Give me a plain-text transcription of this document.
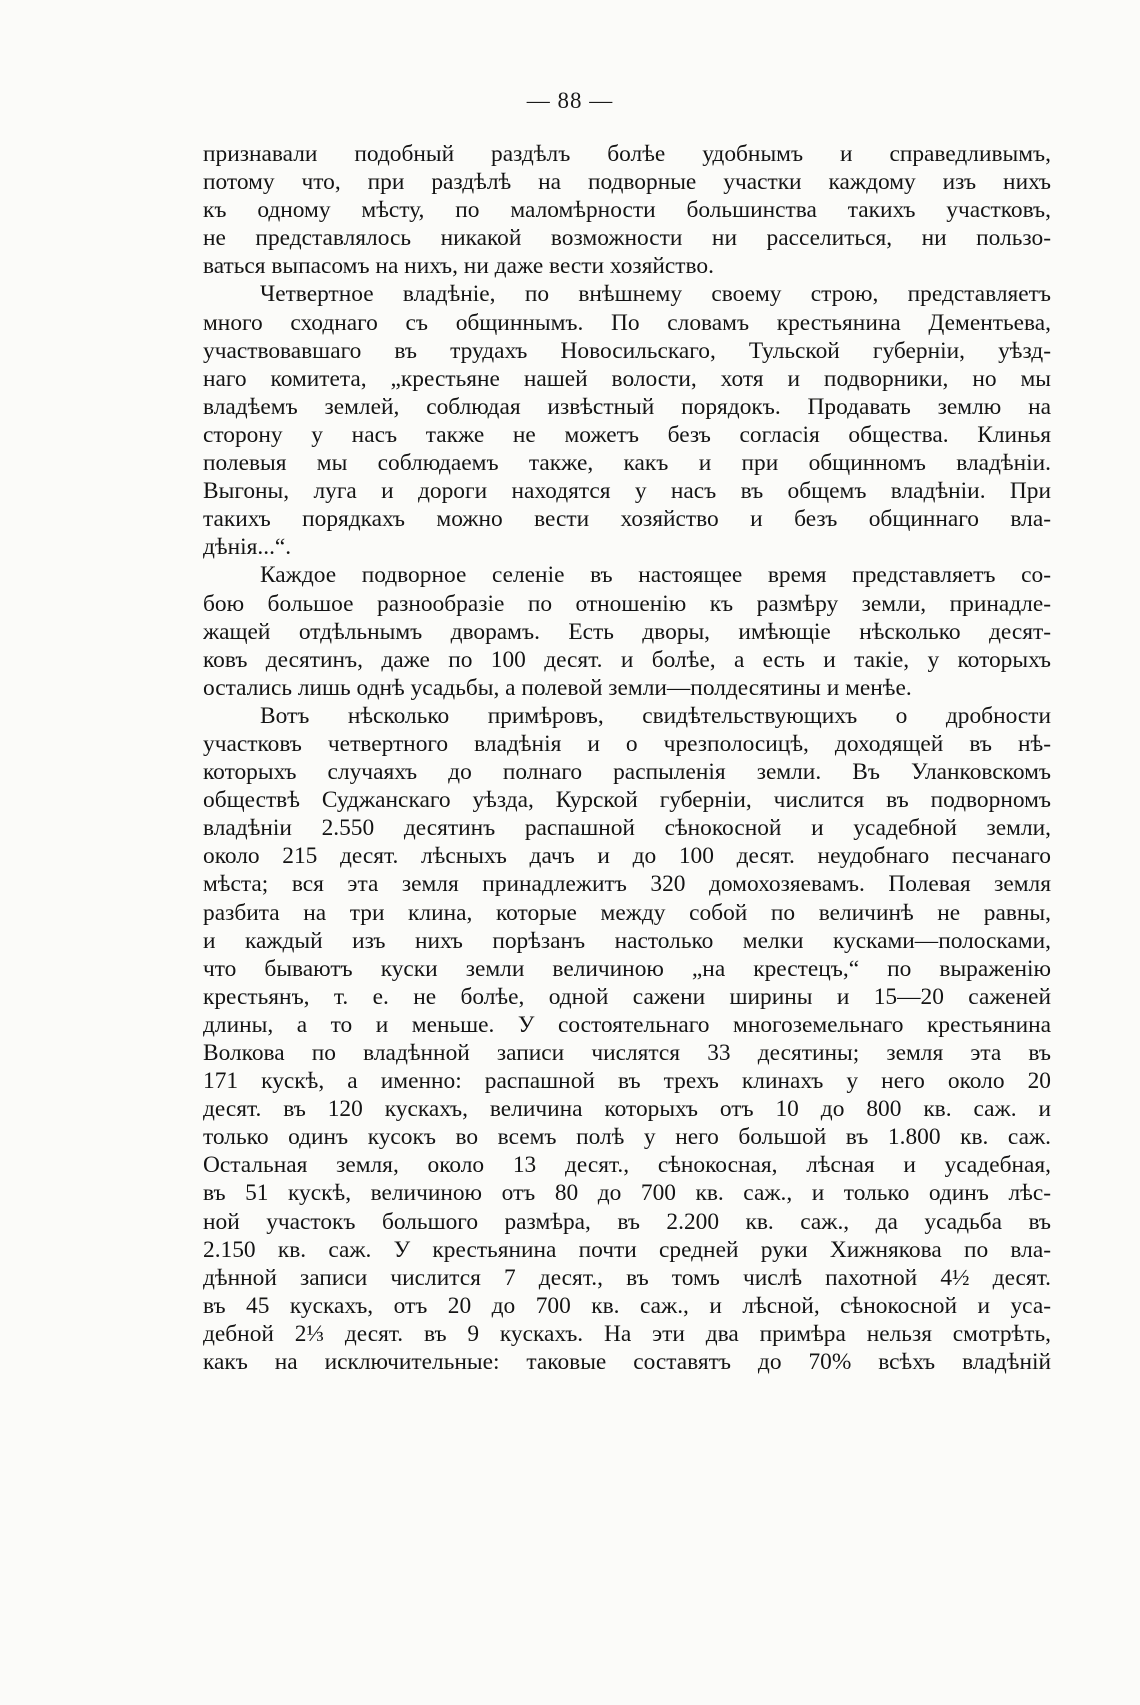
— 88 —
признавали подобный раздѣлъ болѣе удобнымъ и справедливымъ,
потому что, при раздѣлѣ на подворные участки каждому изъ нихъ
къ одному мѣсту, по маломѣрности большинства такихъ участковъ,
не представлялось никакой возможности ни расселиться, ни пользо-
ваться выпасомъ на нихъ, ни даже вести хозяйство.
Четвертное владѣніе, по внѣшнему своему строю, представляетъ
много сходнаго съ общиннымъ. По словамъ крестьянина Дементьева,
участвовавшаго въ трудахъ Новосильскаго, Тульской губерніи, уѣзд-
наго комитета, „крестьяне нашей волости, хотя и подворники, но мы
владѣемъ землей, соблюдая извѣстный порядокъ. Продавать землю на
сторону у насъ также не можетъ безъ согласія общества. Клинья
полевыя мы соблюдаемъ также, какъ и при общинномъ владѣніи.
Выгоны, луга и дороги находятся у насъ въ общемъ владѣніи. При
такихъ порядкахъ можно вести хозяйство и безъ общиннаго вла-
дѣнія...“.
Каждое подворное селеніе въ настоящее время представляетъ со-
бою большое разнообразіе по отношенію къ размѣру земли, принадле-
жащей отдѣльнымъ дворамъ. Есть дворы, имѣющіе нѣсколько десят-
ковъ десятинъ, даже по 100 десят. и болѣе, а есть и такіе, у которыхъ
остались лишь однѣ усадьбы, а полевой земли—полдесятины и менѣе.
Вотъ нѣсколько примѣровъ, свидѣтельствующихъ о дробности
участковъ четвертного владѣнія и о чрезполосицѣ, доходящей въ нѣ-
которыхъ случаяхъ до полнаго распыленія земли. Въ Уланковскомъ
обществѣ Суджанскаго уѣзда, Курской губерніи, числится въ подворномъ
владѣніи 2.550 десятинъ распашной сѣнокосной и усадебной земли,
около 215 десят. лѣсныхъ дачъ и до 100 десят. неудобнаго песчанаго
мѣста; вся эта земля принадлежитъ 320 домохозяевамъ. Полевая земля
разбита на три клина, которые между собой по величинѣ не равны,
и каждый изъ нихъ порѣзанъ настолько мелки кусками—полосками,
что бываютъ куски земли величиною „на крестецъ,“ по выраженію
крестьянъ, т. е. не болѣе, одной сажени ширины и 15—20 саженей
длины, а то и меньше. У состоятельнаго многоземельнаго крестьянина
Волкова по владѣнной записи числятся 33 десятины; земля эта въ
171 кускѣ, а именно: распашной въ трехъ клинахъ у него около 20
десят. въ 120 кускахъ, величина которыхъ отъ 10 до 800 кв. саж. и
только одинъ кусокъ во всемъ полѣ у него большой въ 1.800 кв. саж.
Остальная земля, около 13 десят., сѣнокосная, лѣсная и усадебная,
въ 51 кускѣ, величиною отъ 80 до 700 кв. саж., и только одинъ лѣс-
ной участокъ большого размѣра, въ 2.200 кв. саж., да усадьба въ
2.150 кв. саж. У крестьянина почти средней руки Хижнякова по вла-
дѣнной записи числится 7 десят., въ томъ числѣ пахотной 4½ десят.
въ 45 кускахъ, отъ 20 до 700 кв. саж., и лѣсной, сѣнокосной и уса-
дебной 2⅓ десят. въ 9 кускахъ. На эти два примѣра нельзя смотрѣть,
какъ на исключительные: таковые составятъ до 70% всѣхъ владѣній
